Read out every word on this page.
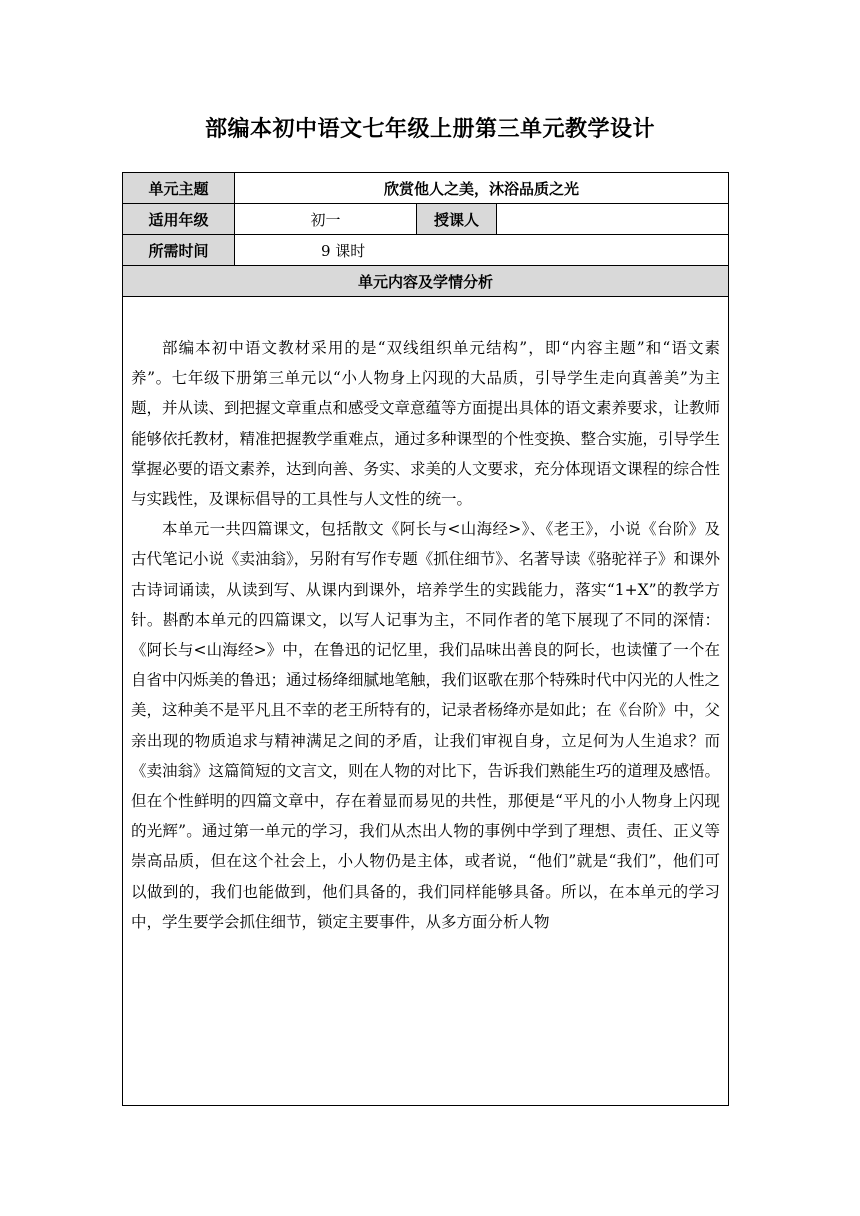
部编本初中语文七年级上册第三单元教学设计
单元主题	欣赏他人之美，沐浴品质之光		
适用年级	初一	授课人	
所需时间	9 课时		
单元内容及学情分析			

部编本初中语文教材采用的是“双线组织单元结构”，即“内容主题”和“语文素养”。七年级下册第三单元以“小人物身上闪现的大品质，引导学生走向真善美”为主题，并从读、到把握文章重点和感受文章意蕴等方面提出具体的语文素养要求，让教师能够依托教材，精准把握教学重难点，通过多种课型的个性变换、整合实施，引导学生掌握必要的语文素养，达到向善、务实、求美的人文要求，充分体现语文课程的综合性与实践性，及课标倡导的工具性与人文性的统一。

本单元一共四篇课文，包括散文《阿长与<山海经>》、《老王》，小说《台阶》及古代笔记小说《卖油翁》，另附有写作专题《抓住细节》、名著导读《骆驼祥子》和课外古诗词诵读，从读到写、从课内到课外，培养学生的实践能力，落实“1+X”的教学方针。斟酌本单元的四篇课文，以写人记事为主，不同作者的笔下展现了不同的深情：《阿长与<山海经>》中，在鲁迅的记忆里，我们品味出善良的阿长，也读懂了一个在自省中闪烁美的鲁迅；通过杨绛细腻地笔触，我们讴歌在那个特殊时代中闪光的人性之美，这种美不是平凡且不幸的老王所特有的，记录者杨绛亦是如此；在《台阶》中，父亲出现的物质追求与精神满足之间的矛盾，让我们审视自身，立足何为人生追求？而《卖油翁》这篇简短的文言文，则在人物的对比下，告诉我们熟能生巧的道理及感悟。但在个性鲜明的四篇文章中，存在着显而易见的共性，那便是“平凡的小人物身上闪现的光辉”。通过第一单元的学习，我们从杰出人物的事例中学到了理想、责任、正义等崇高品质，但在这个社会上，小人物仍是主体，或者说，“他们”就是“我们”，他们可以做到的，我们也能做到，他们具备的，我们同样能够具备。所以，在本单元的学习中，学生要学会抓住细节，锁定主要事件，从多方面分析人物			
